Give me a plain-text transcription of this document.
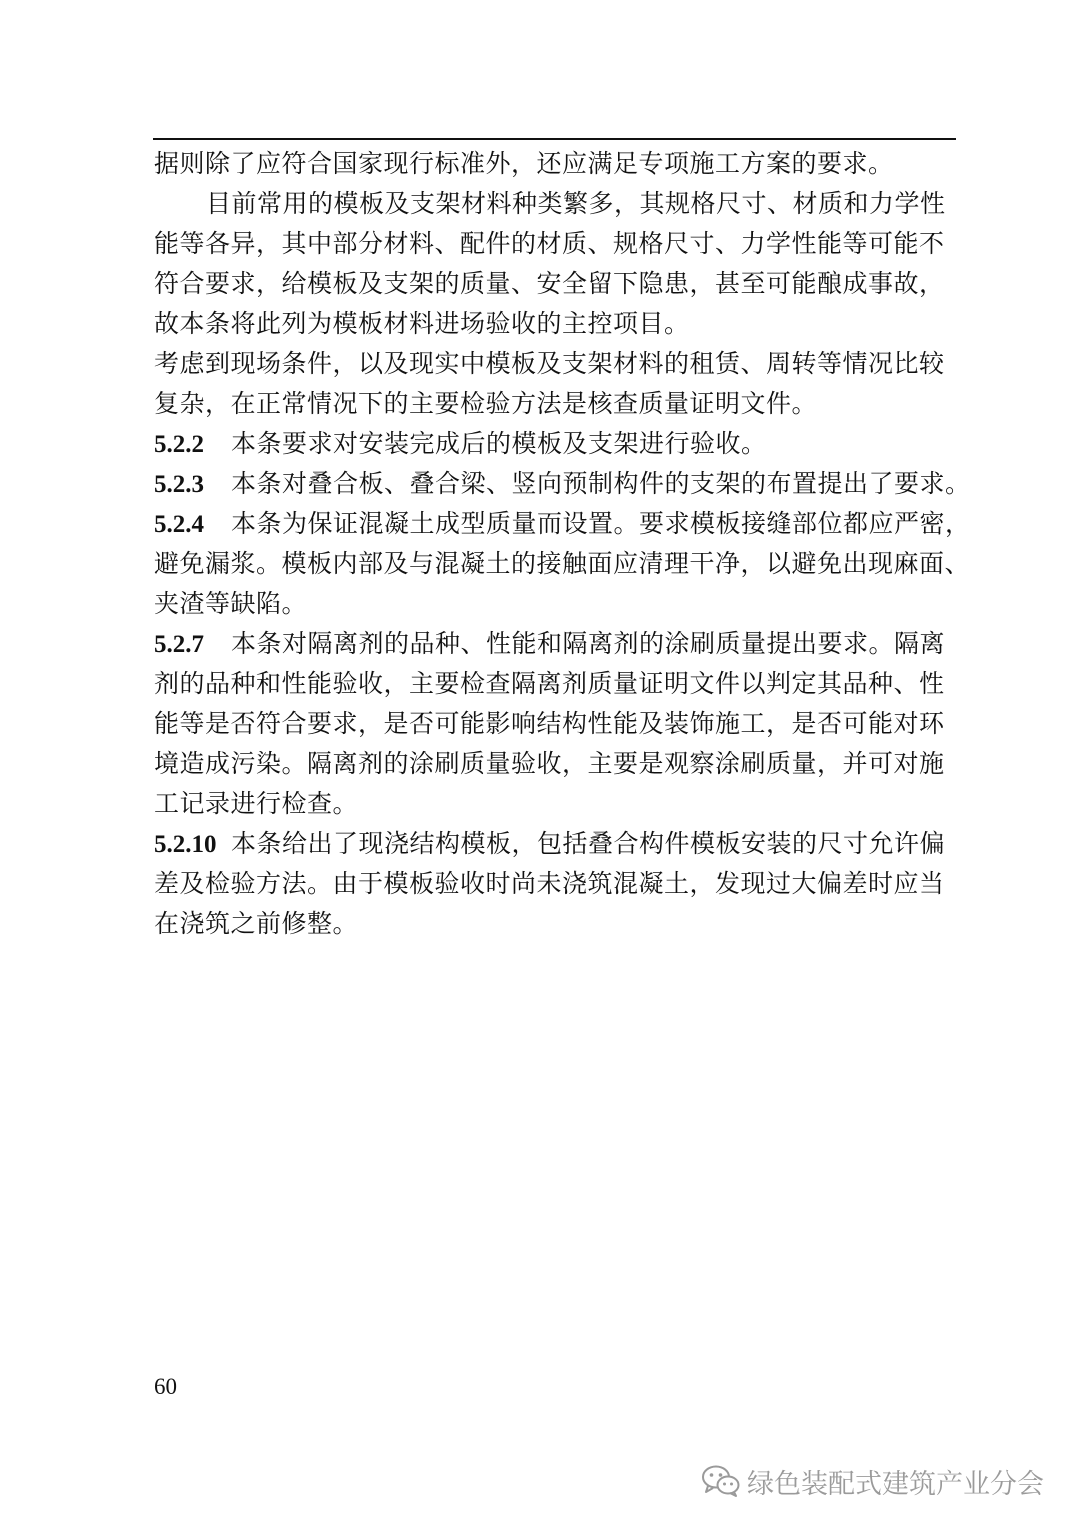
据则除了应符合国家现行标准外，还应满足专项施工方案的要求。
目前常用的模板及支架材料种类繁多，其规格尺寸、材质和力学性
能等各异，其中部分材料、配件的材质、规格尺寸、力学性能等可能不
符合要求，给模板及支架的质量、安全留下隐患，甚至可能酿成事故，
故本条将此列为模板材料进场验收的主控项目。
考虑到现场条件，以及现实中模板及支架材料的租赁、周转等情况比较
复杂，在正常情况下的主要检验方法是核查质量证明文件。
5.2.2 本条要求对安装完成后的模板及支架进行验收。
5.2.3 本条对叠合板、叠合梁、竖向预制构件的支架的布置提出了要求。
5.2.4 本条为保证混凝土成型质量而设置。要求模板接缝部位都应严密，
避免漏浆。模板内部及与混凝土的接触面应清理干净，以避免出现麻面、
夹渣等缺陷。
5.2.7 本条对隔离剂的品种、性能和隔离剂的涂刷质量提出要求。隔离
剂的品种和性能验收，主要检查隔离剂质量证明文件以判定其品种、性
能等是否符合要求，是否可能影响结构性能及装饰施工，是否可能对环
境造成污染。隔离剂的涂刷质量验收，主要是观察涂刷质量，并可对施
工记录进行检查。
5.2.10 本条给出了现浇结构模板，包括叠合构件模板安装的尺寸允许偏
差及检验方法。由于模板验收时尚未浇筑混凝土，发现过大偏差时应当
在浇筑之前修整。
60
绿色装配式建筑产业分会
